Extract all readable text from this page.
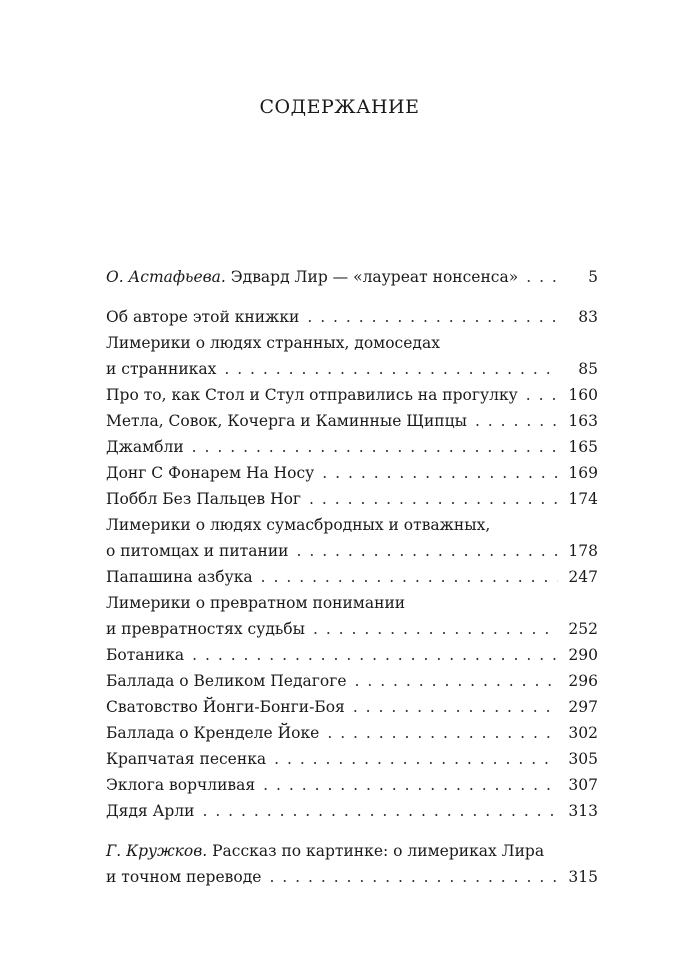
СОДЕРЖАНИЕ
О. Астафьева. Эдвард Лир — «лауреат нонсенса» . . .	5
Об авторе этой книжки . . .	83
Лимерики о людях странных, домоседах
и странниках . . .	85
Про то, как Стол и Стул отправились на прогулку . . .	160
Метла, Совок, Кочерга и Каминные Щипцы . . .	163
Джамбли . . .	165
Донг С Фонарем На Носу . . .	169
Поббл Без Пальцев Ног . . .	174
Лимерики о людях сумасбродных и отважных,
о питомцах и питании . . .	178
Папашина азбука . . .	247
Лимерики о превратном понимании
и превратностях судьбы . . .	252
Ботаника . . .	290
Баллада о Великом Педагоге . . .	296
Сватовство Йонги-Бонги-Боя . . .	297
Баллада о Кренделе Йоке . . .	302
Крапчатая песенка . . .	305
Эклога ворчливая . . .	307
Дядя Арли . . .	313
Г. Кружков. Рассказ по картинке: о лимериках Лира
и точном переводе . . .	315
